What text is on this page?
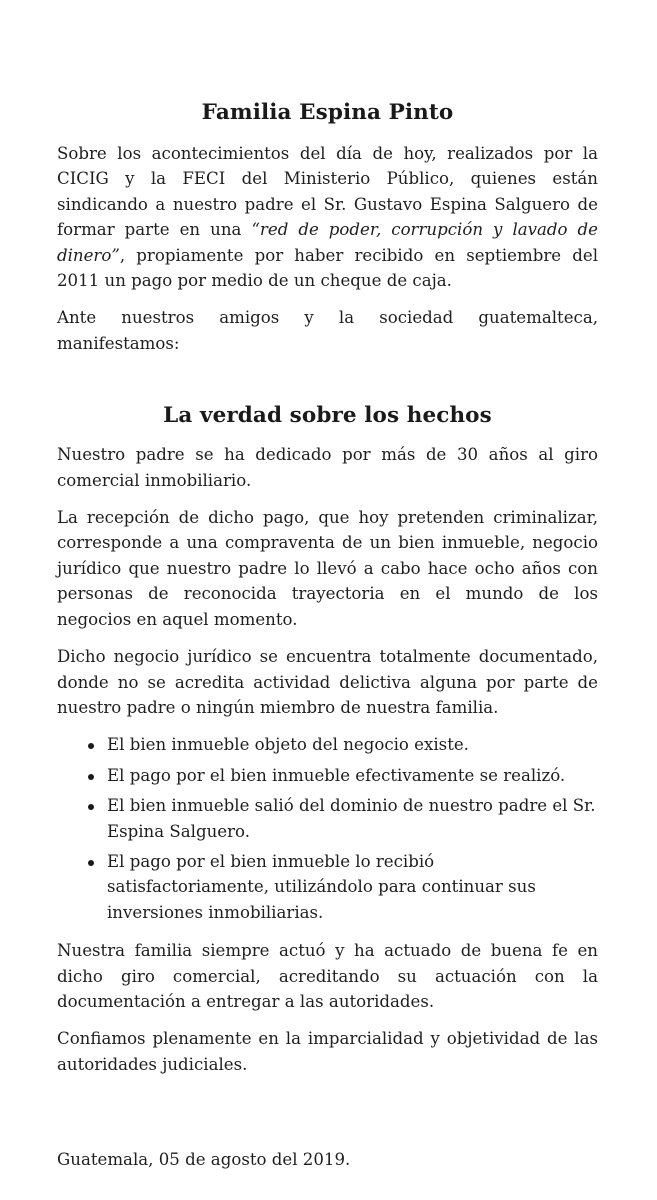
Familia Espina Pinto

Sobre los acontecimientos del día de hoy, realizados por la CICIG y la FECI del Ministerio Público, quienes están sindicando a nuestro padre el Sr. Gustavo Espina Salguero de formar parte en una “red de poder, corrupción y lavado de dinero”, propiamente por haber recibido en septiembre del 2011 un pago por medio de un cheque de caja.

Ante nuestros amigos y la sociedad guatemalteca, manifestamos:

La verdad sobre los hechos

Nuestro padre se ha dedicado por más de 30 años al giro comercial inmobiliario.

La recepción de dicho pago, que hoy pretenden criminalizar, corresponde a una compraventa de un bien inmueble, negocio jurídico que nuestro padre lo llevó a cabo hace ocho años con personas de reconocida trayectoria en el mundo de los negocios en aquel momento.

Dicho negocio jurídico se encuentra totalmente documentado, donde no se acredita actividad delictiva alguna por parte de nuestro padre o ningún miembro de nuestra familia.

El bien inmueble objeto del negocio existe.
El pago por el bien inmueble efectivamente se realizó.
El bien inmueble salió del dominio de nuestro padre el Sr. Espina Salguero.
El pago por el bien inmueble lo recibió satisfactoriamente, utilizándolo para continuar sus inversiones inmobiliarias.

Nuestra familia siempre actuó y ha actuado de buena fe en dicho giro comercial, acreditando su actuación con la documentación a entregar a las autoridades.

Confiamos plenamente en la imparcialidad y objetividad de las autoridades judiciales.

Guatemala, 05 de agosto del 2019.
